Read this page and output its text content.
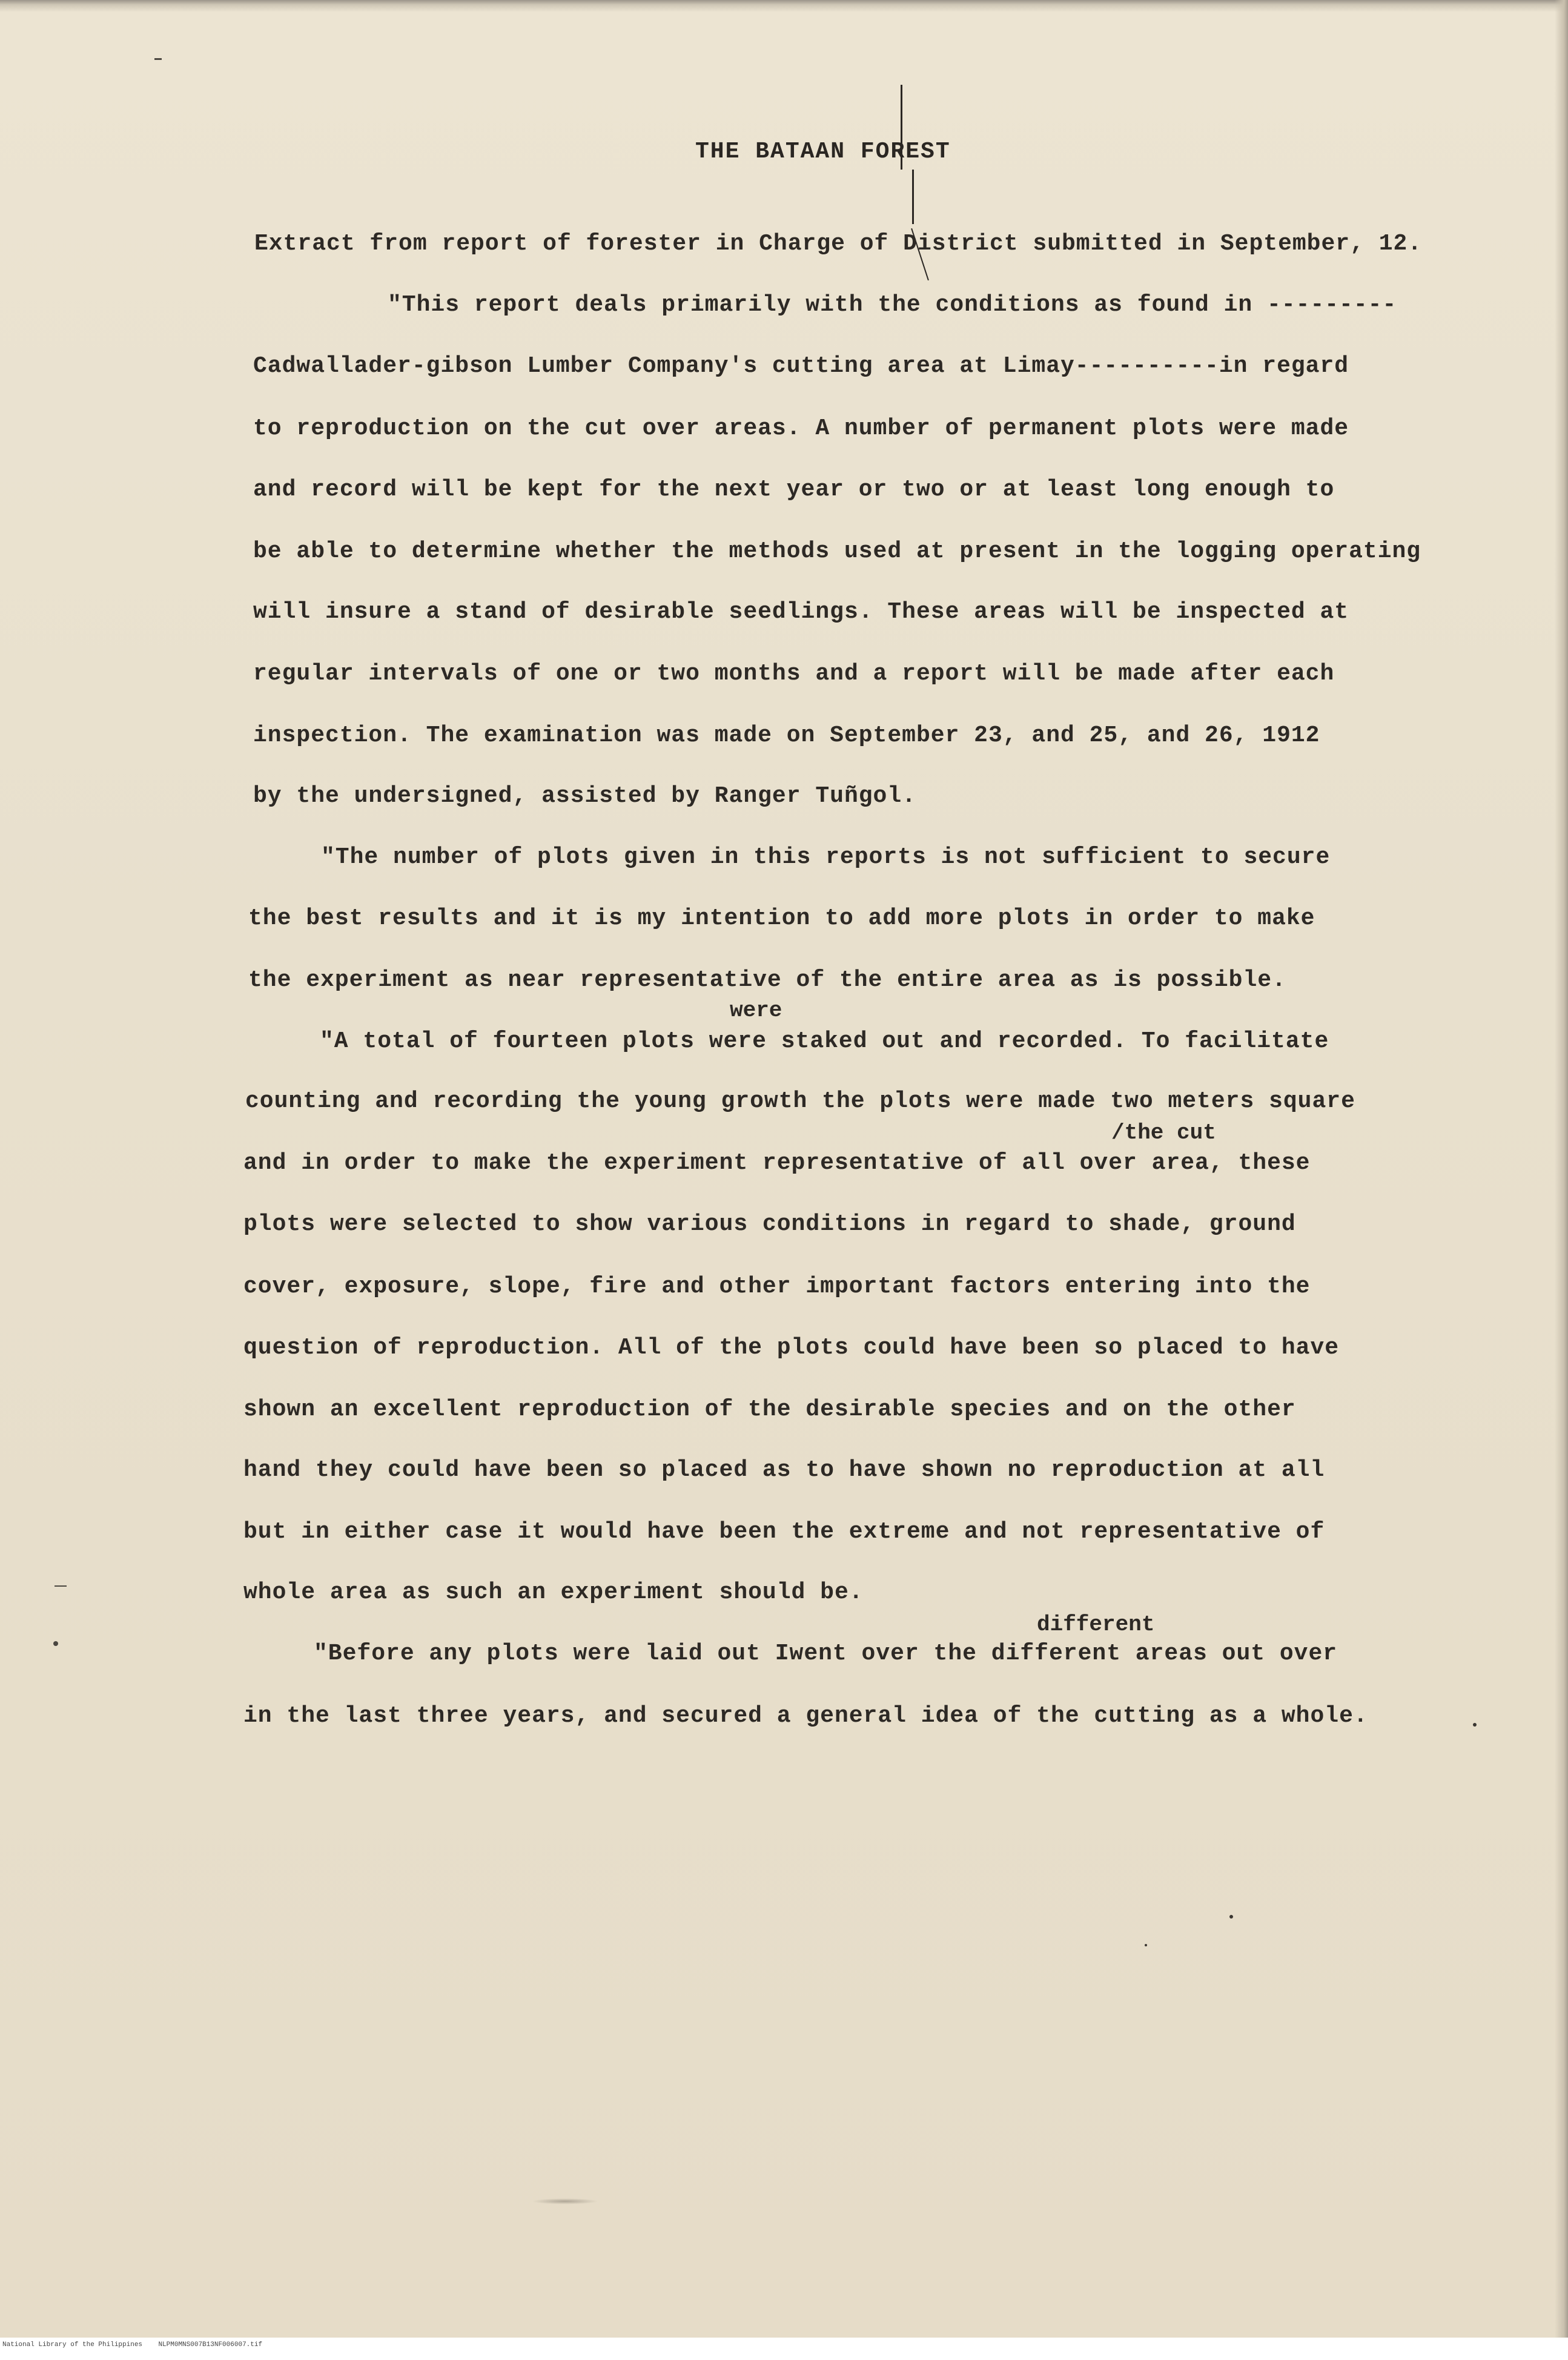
THE BATAAN FOREST
Extract from report of forester in Charge of District submitted in September, 12.
"This report deals primarily with the conditions as found in ---------
Cadwallader-gibson Lumber Company's cutting area at Limay----------in regard
to reproduction on the cut over areas. A number of permanent plots were made
and record will be kept for the next year or two or at least long enough to
be able to determine whether the methods used at present in the logging operating
will insure a stand of desirable seedlings. These areas will be inspected at
regular intervals of one or two months and a report will be made after each
inspection. The examination was made on September 23, and 25, and 26, 1912
by the undersigned, assisted by Ranger Tuñgol.
"The number of plots given in this reports is not sufficient to secure
the best results and it is my intention to add more plots in order to make
the experiment as near representative of the entire area as is possible.
were
"A total of fourteen plots were staked out and recorded. To facilitate
counting and recording the young growth the plots were made two meters square
/the cut
and in order to make the experiment representative of all over area, these
plots were selected to show various conditions in regard to shade, ground
cover, exposure, slope, fire and other important factors entering into the
question of reproduction. All of the plots could have been so placed to have
shown an excellent reproduction of the desirable species and on the other
hand they could have been so placed as to have shown no reproduction at all
but in either case it would have been the extreme and not representative of
whole area as such an experiment should be.
different
"Before any plots were laid out Iwent over the different areas out over
in the last three years, and secured a general idea of the cutting as a whole.
National Library of the Philippines    NLPM0MNS007B13NF006007.tif
